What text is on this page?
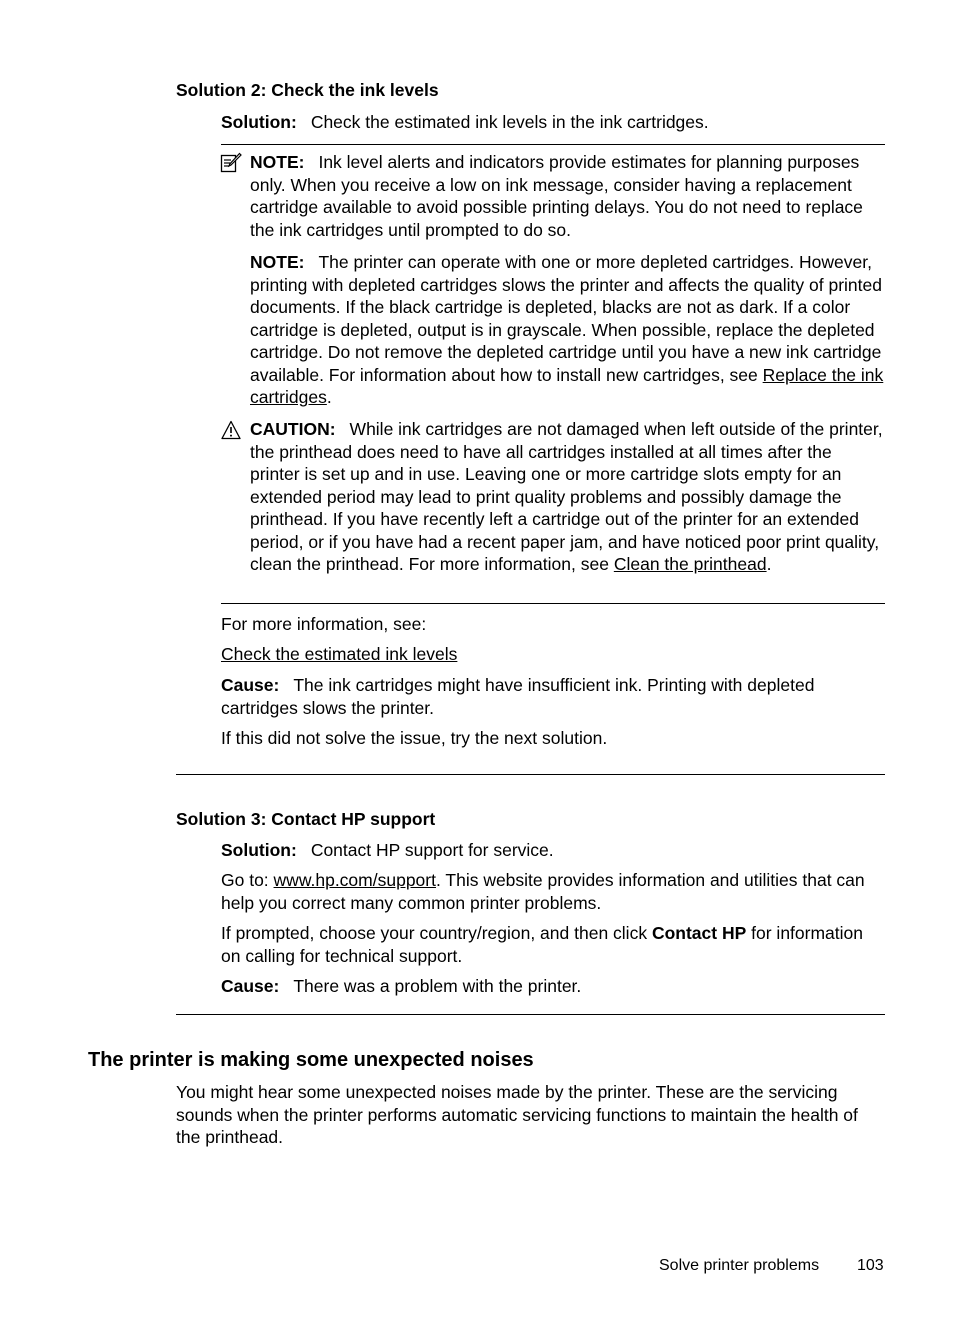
Solution 2: Check the ink levels

Solution: Check the estimated ink levels in the ink cartridges.

NOTE: Ink level alerts and indicators provide estimates for planning purposes only. When you receive a low on ink message, consider having a replacement cartridge available to avoid possible printing delays. You do not need to replace the ink cartridges until prompted to do so.

NOTE: The printer can operate with one or more depleted cartridges. However, printing with depleted cartridges slows the printer and affects the quality of printed documents. If the black cartridge is depleted, blacks are not as dark. If a color cartridge is depleted, output is in grayscale. When possible, replace the depleted cartridge. Do not remove the depleted cartridge until you have a new ink cartridge available. For information about how to install new cartridges, see Replace the ink cartridges.

CAUTION: While ink cartridges are not damaged when left outside of the printer, the printhead does need to have all cartridges installed at all times after the printer is set up and in use. Leaving one or more cartridge slots empty for an extended period may lead to print quality problems and possibly damage the printhead. If you have recently left a cartridge out of the printer for an extended period, or if you have had a recent paper jam, and have noticed poor print quality, clean the printhead. For more information, see Clean the printhead.

For more information, see:

Check the estimated ink levels

Cause: The ink cartridges might have insufficient ink. Printing with depleted cartridges slows the printer.

If this did not solve the issue, try the next solution.

Solution 3: Contact HP support

Solution: Contact HP support for service.

Go to: www.hp.com/support. This website provides information and utilities that can help you correct many common printer problems.

If prompted, choose your country/region, and then click Contact HP for information on calling for technical support.

Cause: There was a problem with the printer.

The printer is making some unexpected noises

You might hear some unexpected noises made by the printer. These are the servicing sounds when the printer performs automatic servicing functions to maintain the health of the printhead.

Solve printer problems 103
